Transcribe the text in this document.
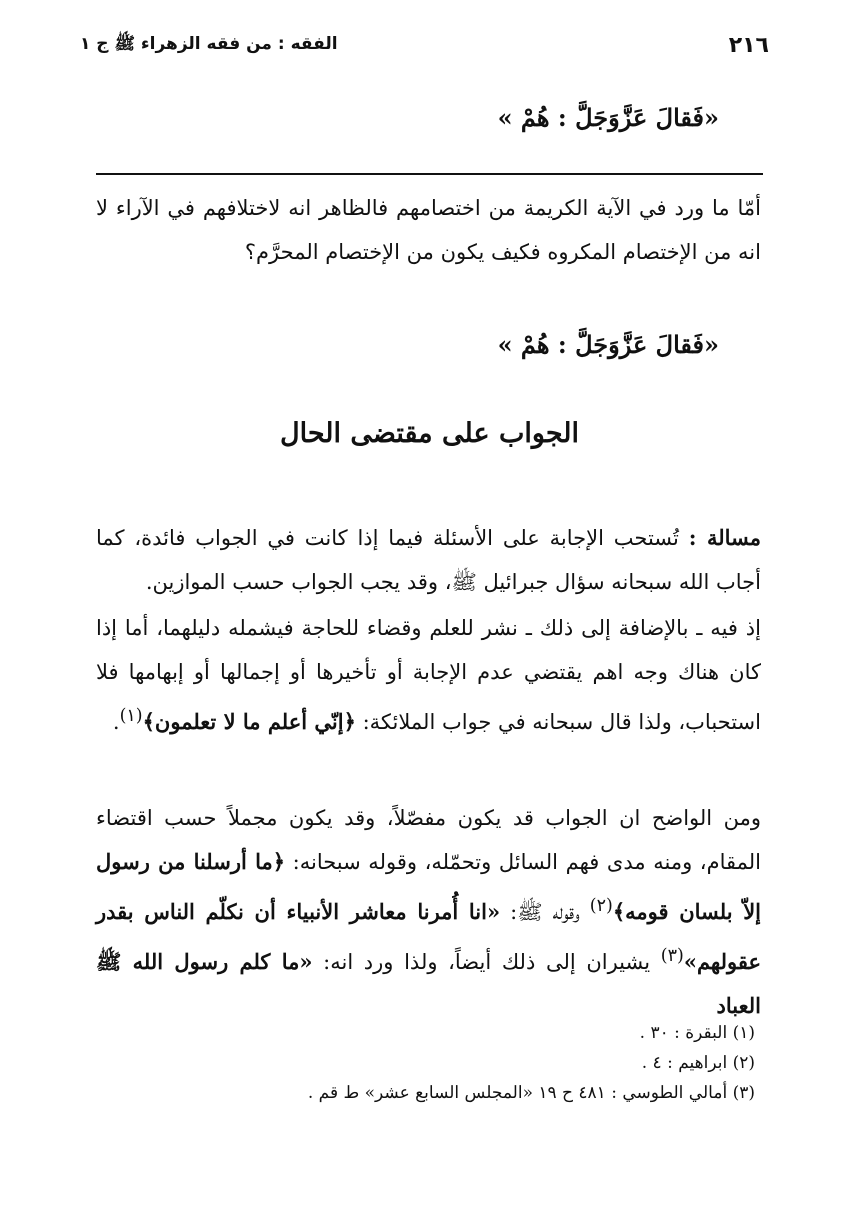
٢١٦
الفقه : من فقه الزهراء ﷺ ج ١
«فَقالَ عَزَّوَجَلَّ : هُمْ »
أمّا ما ورد في الآية الكريمة من اختصامهم فالظاهر انه لاختلافهم في الآراء لا انه من الإختصام المكروه فكيف يكون من الإختصام المحرَّم؟
«فَقالَ عَزَّوَجَلَّ : هُمْ »
الجواب على مقتضى الحال
مسالة : تُستحب الإجابة على الأسئلة فيما إذا كانت في الجواب فائدة، كما أجاب الله سبحانه سؤال جبرائيل ﷺ، وقد يجب الجواب حسب الموازين.
إذ فيه ـ بالإضافة إلى ذلك ـ نشر للعلم وقضاء للحاجة فيشمله دليلهما، أما إذا كان هناك وجه اهم يقتضي عدم الإجابة أو تأخيرها أو إجمالها أو إبهامها فلا استحباب، ولذا قال سبحانه في جواب الملائكة: ﴿إنّي أعلم ما لا تعلمون﴾$^{(١)}$.
ومن الواضح ان الجواب قد يكون مفصّلاً، وقد يكون مجملاً حسب اقتضاء المقام، ومنه مدى فهم السائل وتحمّله، وقوله سبحانه: ﴿ما أرسلنا من رسول إلاّ بلسان قومه﴾$^{(٢)}$ وقوله ﷺ: «انا أُمرنا معاشر الأنبياء أن نكلّم الناس بقدر عقولهم»$^{(٣)}$ يشيران إلى ذلك أيضاً، ولذا ورد انه: «ما كلم رسول الله ﷺ العباد
(١) البقرة : ٣٠ .
(٢) ابراهيم : ٤ .
(٣) أمالي الطوسي : ٤٨١ ح ١٩ «المجلس السابع عشر» ط قم .
